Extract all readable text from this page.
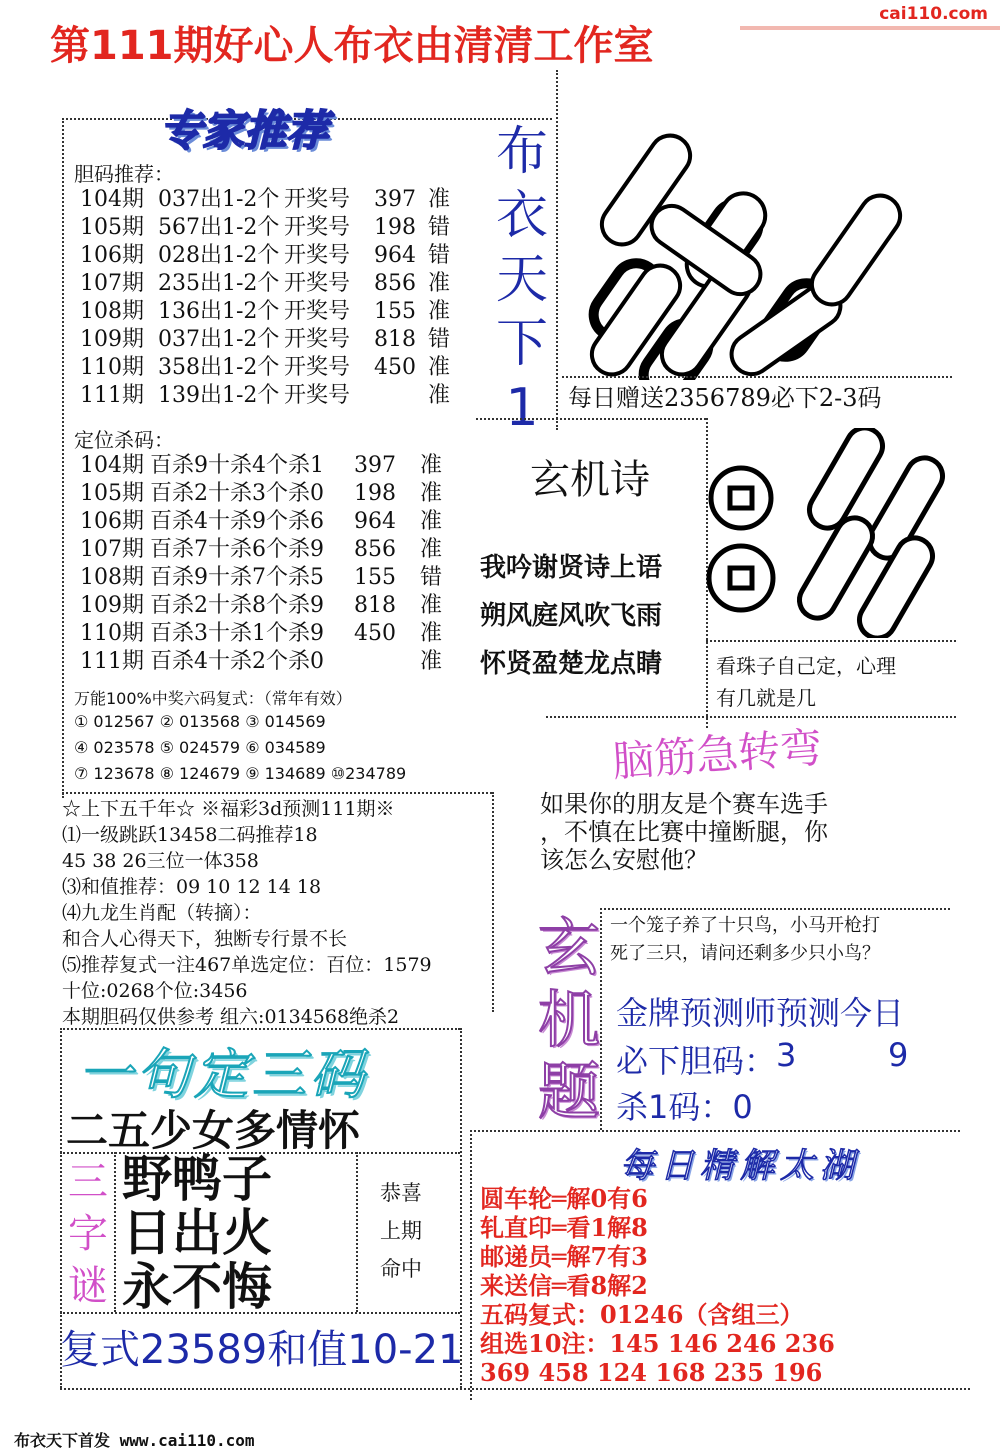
第111期好心人布衣由清清工作室
cai110.com
专家推荐
胆码推荐：
104期 037出1-2个 开奖号 397 准
105期 567出1-2个 开奖号 198 错
106期 028出1-2个 开奖号 964 错
107期 235出1-2个 开奖号 856 准
108期 136出1-2个 开奖号 155 准
109期 037出1-2个 开奖号 818 错
110期 358出1-2个 开奖号 450 准
111期 139出1-2个 开奖号	准
定位杀码：
104期 百杀9十杀4个杀1 397 准
105期 百杀2十杀3个杀0 198 准
106期 百杀4十杀9个杀6 964 准
107期 百杀7十杀6个杀9 856 准
108期 百杀9十杀7个杀5 155 错
109期 百杀2十杀8个杀9 818 准
110期 百杀3十杀1个杀9 450 准
111期 百杀4十杀2个杀0	准
万能100%中奖六码复式：（常年有效）
① 012567 ② 013568 ③ 014569
④ 023578 ⑤ 024579 ⑥ 034589
⑦ 123678 ⑧ 124679 ⑨ 134689 ⑩234789
☆上下五千年☆ ※福彩3d预测111期※
⑴一级跳跃13458二码推荐18
45 38 26三位一体358
⑶和值推荐：09 10 12 14 18
⑷九龙生肖配（转摘）：
和合人心得天下，独断专行景不长
⑸推荐复式一注467单选定位：百位：1579
十位:0268个位:3456
本期胆码仅供参考 组六:0134568绝杀2
布
衣
天
下
1	每日赠送2356789必下2-3码
玄机诗
我吟谢贤诗上语
朔风庭风吹飞雨
怀贤盈楚龙点睛	看珠子自己定，心理
有几就是几
脑筋急转弯
如果你的朋友是个赛车选手
，不慎在比赛中撞断腿，你
该怎么安慰他？
玄
机
题
一个笼子养了十只鸟，小马开枪打
死了三只，请问还剩多少只小鸟？
金牌预测师预测今日
必下胆码： 3	9
杀1码：0
每日精解太湖
圆车轮═解0有6
轧直印═看1解8
邮递员═解7有3
来送信═看8解2
五码复式：01246（含组三）
组选10注：145 146 246 236
369 458 124 168 235 196
一句定三码
二五少女多情怀
三
字
谜
野鸭子
日出火
永不悔
恭喜
上期
命中
复式23589和值10-21
布衣天下首发 www.cai110.com
